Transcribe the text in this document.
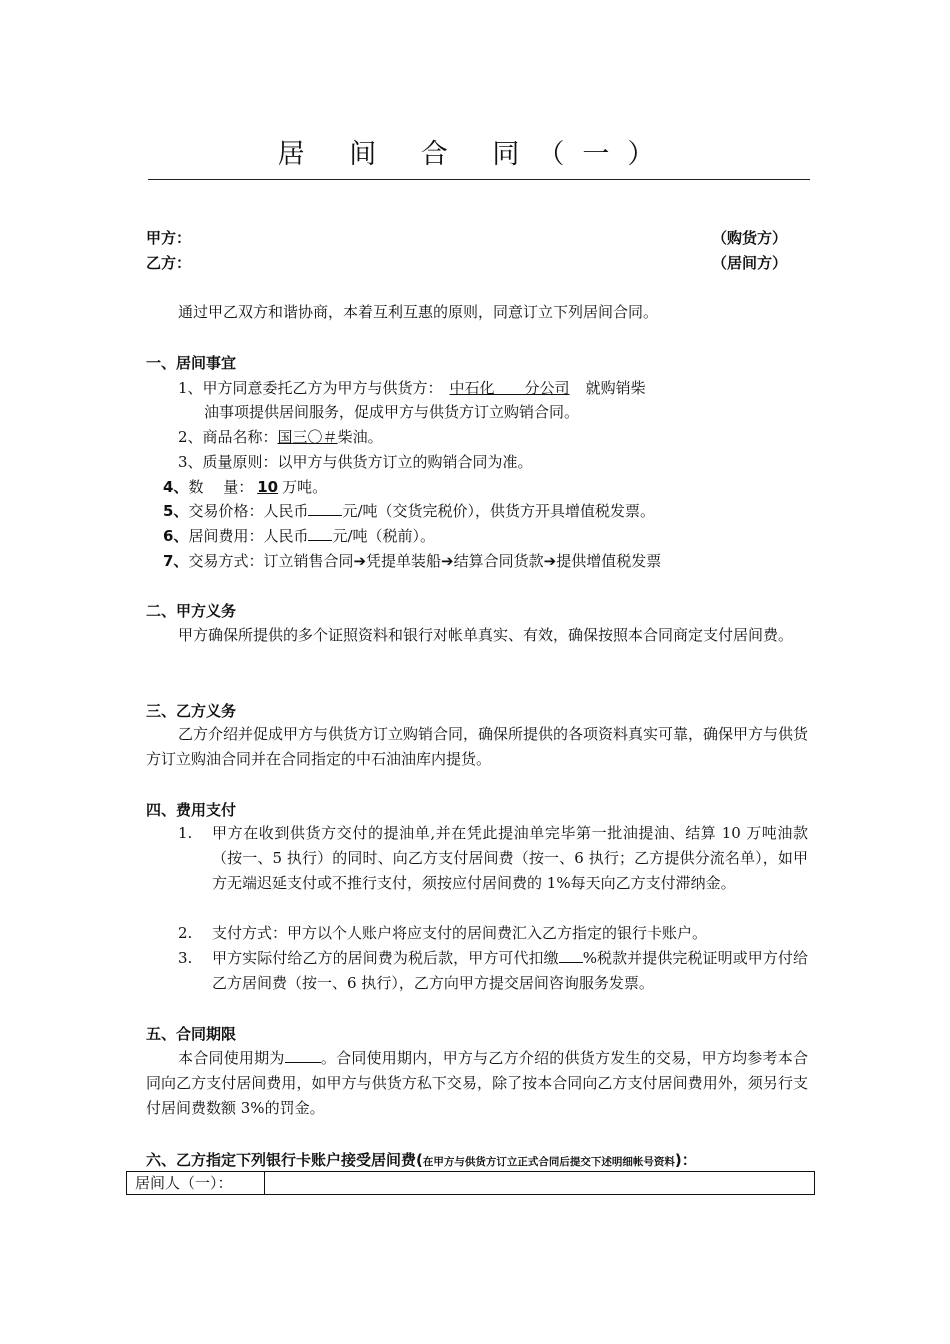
居 间 合 同（一）
甲方：	（购货方）
乙方：	（居间方）
通过甲乙双方和谐协商，本着互利互惠的原则，同意订立下列居间合同。
一、居间事宜
1、甲方同意委托乙方为甲方与供货方： 中石化　　分公司 就购销柴
油事项提供居间服务，促成甲方与供货方订立购销合同。
2、商品名称：国三〇＃柴油。
3、质量原则：以甲方与供货方订立的购销合同为准。
4、数　 量： 10 万吨。
5、交易价格：人民币 元/吨（交货完税价），供货方开具增值税发票。
6、居间费用：人民币 元/吨（税前）。
7、交易方式：订立销售合同➔凭提单装船➔结算合同货款➔提供增值税发票
二、甲方义务
甲方确保所提供的多个证照资料和银行对帐单真实、有效，确保按照本合同商定支付居间费。
三、乙方义务
乙方介绍并促成甲方与供货方订立购销合同，确保所提供的各项资料真实可靠，确保甲方与供货方订立购油合同并在合同指定的中石油油库内提货。
四、费用支付
1. 甲方在收到供货方交付的提油单,并在凭此提油单完毕第一批油提油、结算 10 万吨油款（按一、5 执行）的同时、向乙方支付居间费（按一、6 执行；乙方提供分流名单），如甲方无端迟延支付或不推行支付，须按应付居间费的 1%每天向乙方支付滞纳金。
2. 支付方式：甲方以个人账户将应支付的居间费汇入乙方指定的银行卡账户。
3. 甲方实际付给乙方的居间费为税后款，甲方可代扣缴 %税款并提供完税证明或甲方付给乙方居间费（按一、6 执行），乙方向甲方提交居间咨询服务发票。
五、合同期限
本合同使用期为 。合同使用期内，甲方与乙方介绍的供货方发生的交易，甲方均参考本合同向乙方支付居间费用，如甲方与供货方私下交易，除了按本合同向乙方支付居间费用外，须另行支付居间费数额 3%的罚金。
六、乙方指定下列银行卡账户接受居间费(在甲方与供货方订立正式合同后提交下述明细帐号资料)：
居间人（一）：
